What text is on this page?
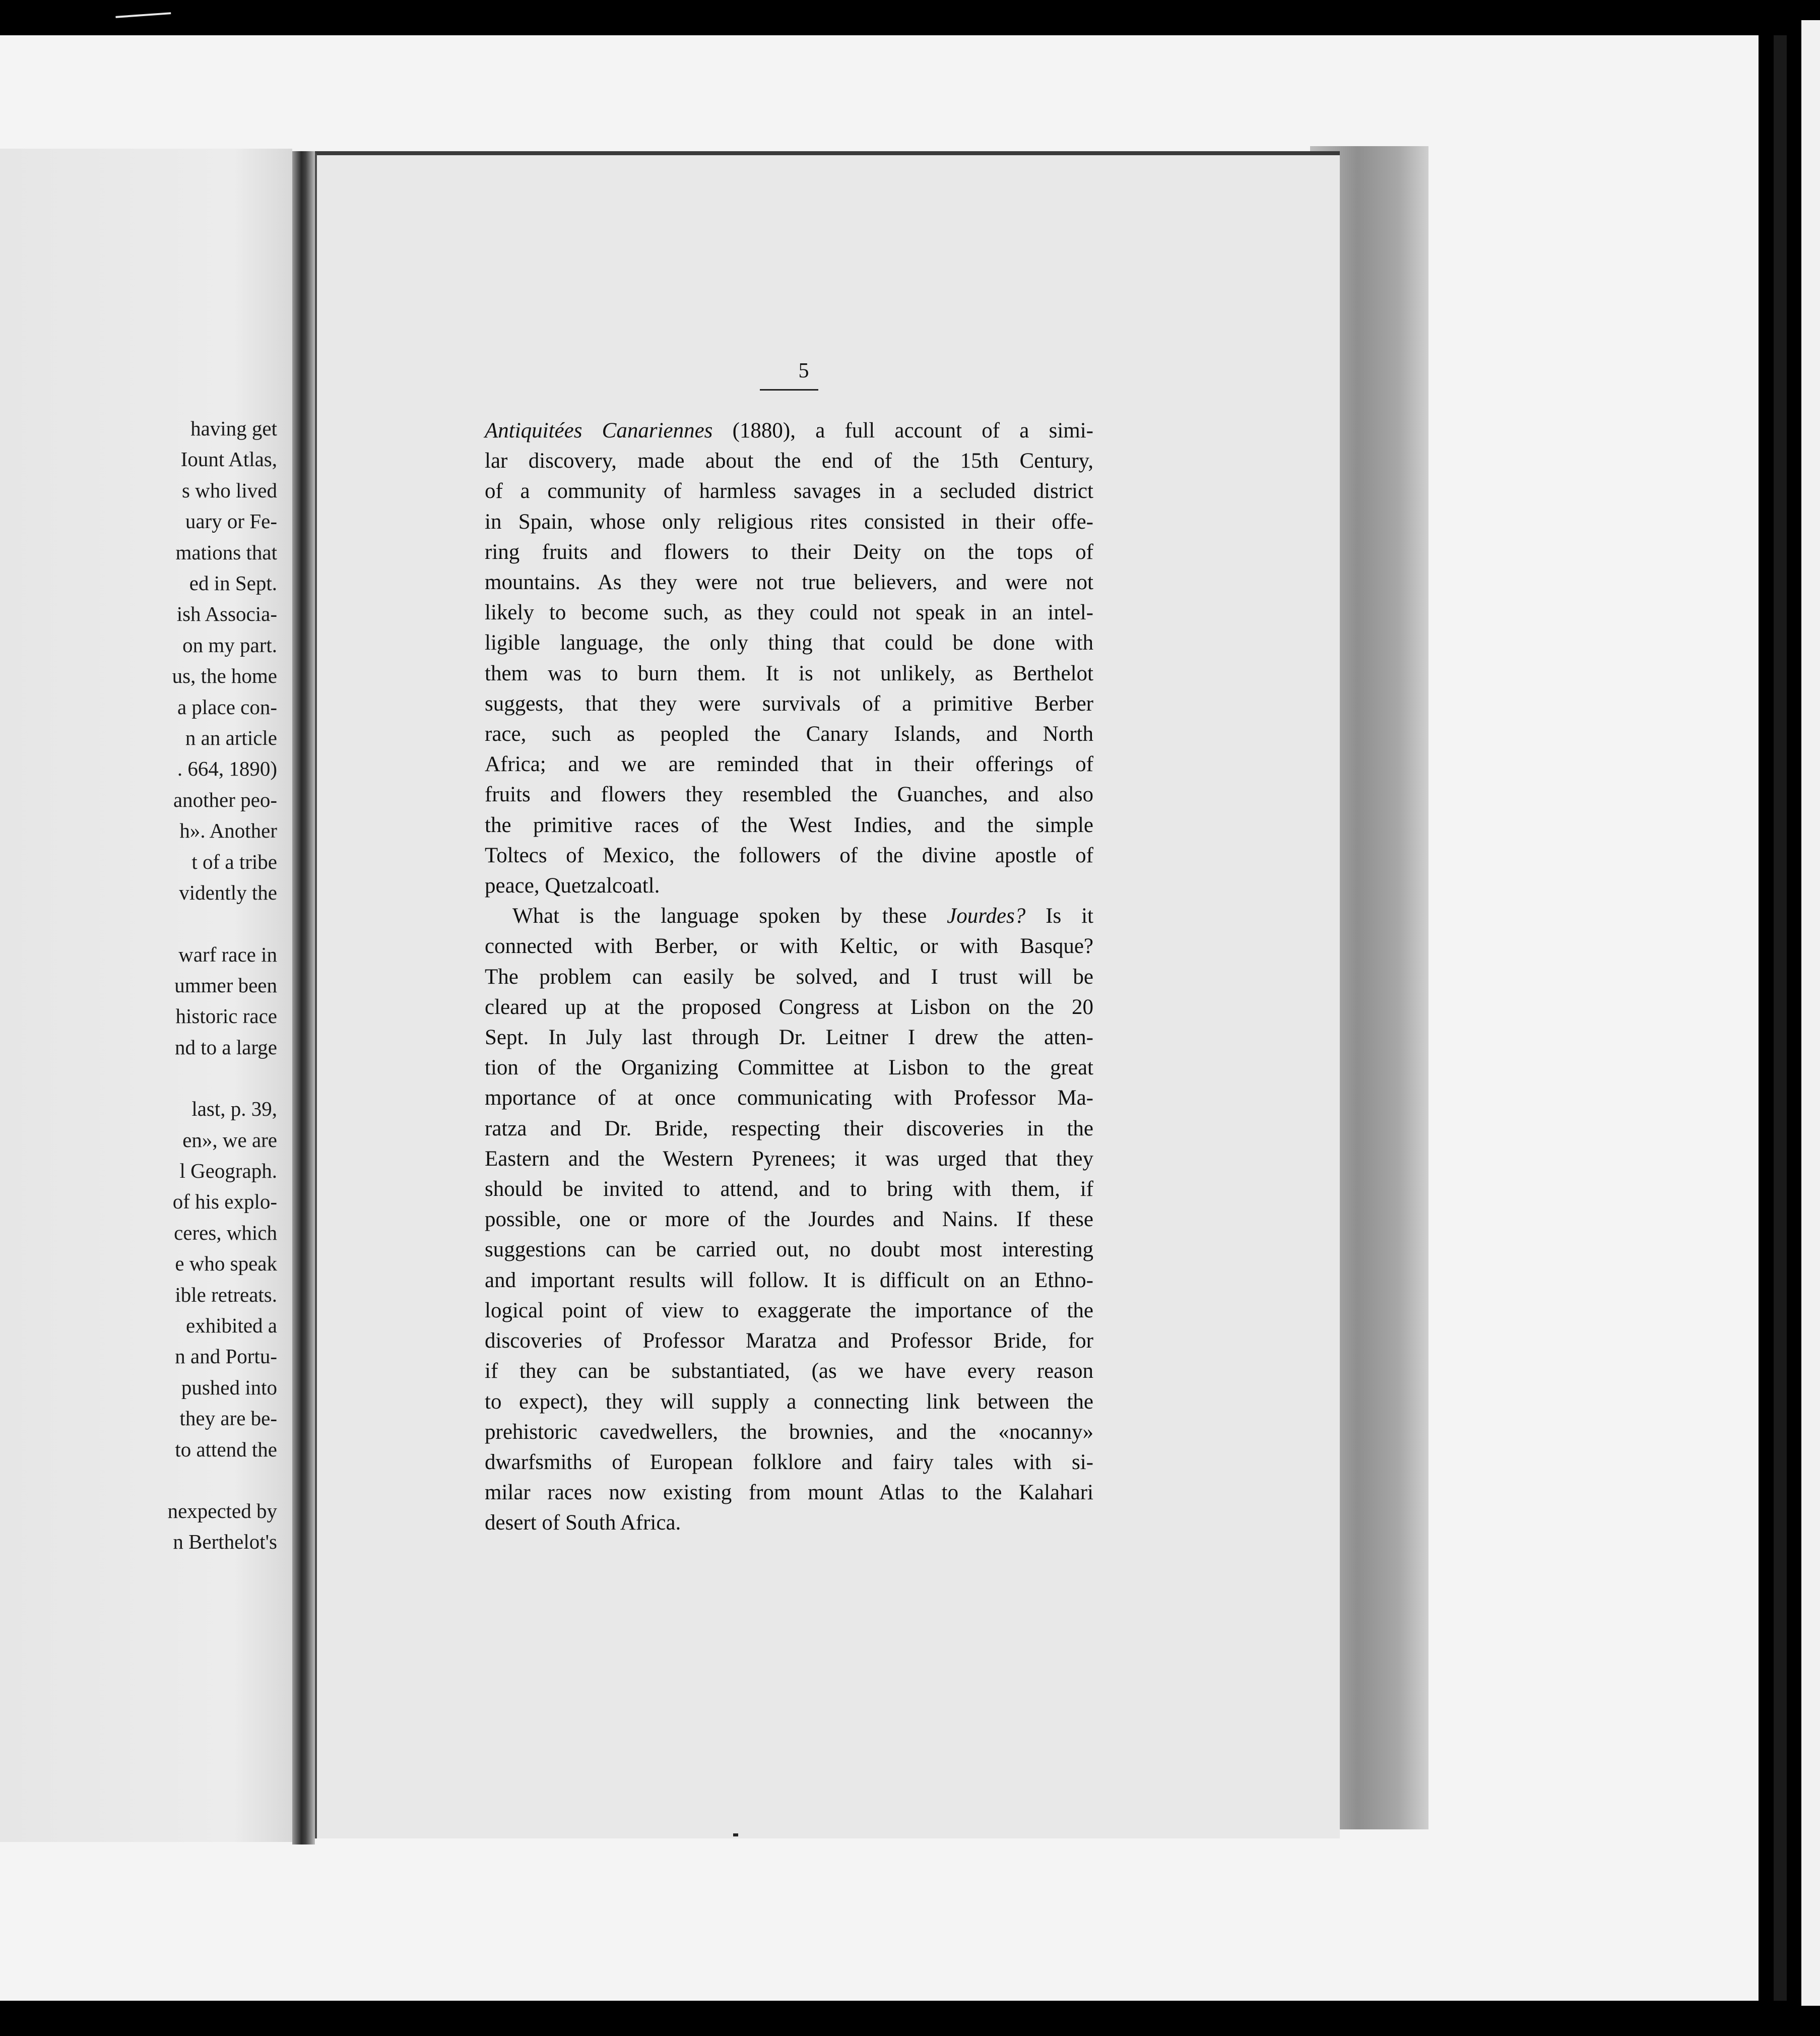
having get
Iount Atlas,
s who lived
uary or Fe-
mations that
ed in Sept.
ish Associa-
on my part.
us, the home
a place con-
n an article
. 664, 1890)
another peo-
h». Another
t of a tribe
vidently the
warf race in
ummer been
historic race
nd to a large
last, p. 39,
en», we are
l Geograph.
of his explo-
ceres, which
e who speak
ible retreats.
exhibited a
n and Portu-
pushed into
they are be-
to attend the
nexpected by
n Berthelot's
5
Antiquitées Canariennes (1880), a full account of a simi-
lar discovery, made about the end of the 15th Century,
of a community of harmless savages in a secluded district
in Spain, whose only religious rites consisted in their offe-
ring fruits and flowers to their Deity on the tops of
mountains. As they were not true believers, and were not
likely to become such, as they could not speak in an intel-
ligible language, the only thing that could be done with
them was to burn them. It is not unlikely, as Berthelot
suggests, that they were survivals of a primitive Berber
race, such as peopled the Canary Islands, and North
Africa; and we are reminded that in their offerings of
fruits and flowers they resembled the Guanches, and also
the primitive races of the West Indies, and the simple
Toltecs of Mexico, the followers of the divine apostle of
peace, Quetzalcoatl.
What is the language spoken by these Jourdes? Is it
connected with Berber, or with Keltic, or with Basque?
The problem can easily be solved, and I trust will be
cleared up at the proposed Congress at Lisbon on the 20
Sept. In July last through Dr. Leitner I drew the atten-
tion of the Organizing Committee at Lisbon to the great
mportance of at once communicating with Professor Ma-
ratza and Dr. Bride, respecting their discoveries in the
Eastern and the Western Pyrenees; it was urged that they
should be invited to attend, and to bring with them, if
possible, one or more of the Jourdes and Nains. If these
suggestions can be carried out, no doubt most interesting
and important results will follow. It is difficult on an Ethno-
logical point of view to exaggerate the importance of the
discoveries of Professor Maratza and Professor Bride, for
if they can be substantiated, (as we have every reason
to expect), they will supply a connecting link between the
prehistoric cavedwellers, the brownies, and the «nocanny»
dwarfsmiths of European folklore and fairy tales with si-
milar races now existing from mount Atlas to the Kalahari
desert of South Africa.
